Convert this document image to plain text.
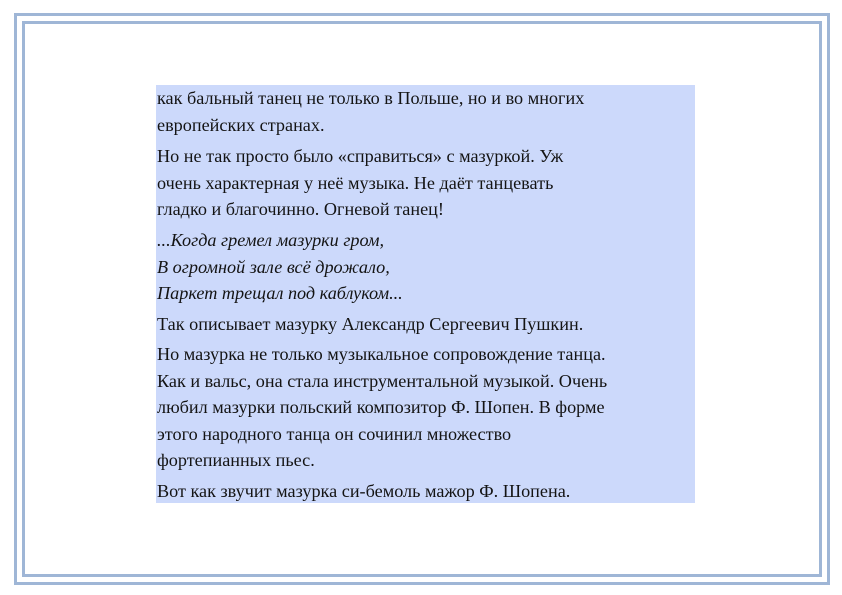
как бальный танец не только в Польше, но и во многих
европейских странах.

Но не так просто было «справиться» с мазуркой. Уж
очень характерная у неё музыка. Не даёт танцевать
гладко и благочинно. Огневой танец!

...Когда гремел мазурки гром,
В огромной зале всё дрожало,
Паркет трещал под каблуком...

Так описывает мазурку Александр Сергеевич Пушкин.

Но мазурка не только музыкальное сопровождение танца.
Как и вальс, она стала инструментальной музыкой. Очень
любил мазурки польский композитор Ф. Шопен. В форме
этого народного танца он сочинил множество
фортепианных пьес.

Вот как звучит мазурка си-бемоль мажор Ф. Шопена.
